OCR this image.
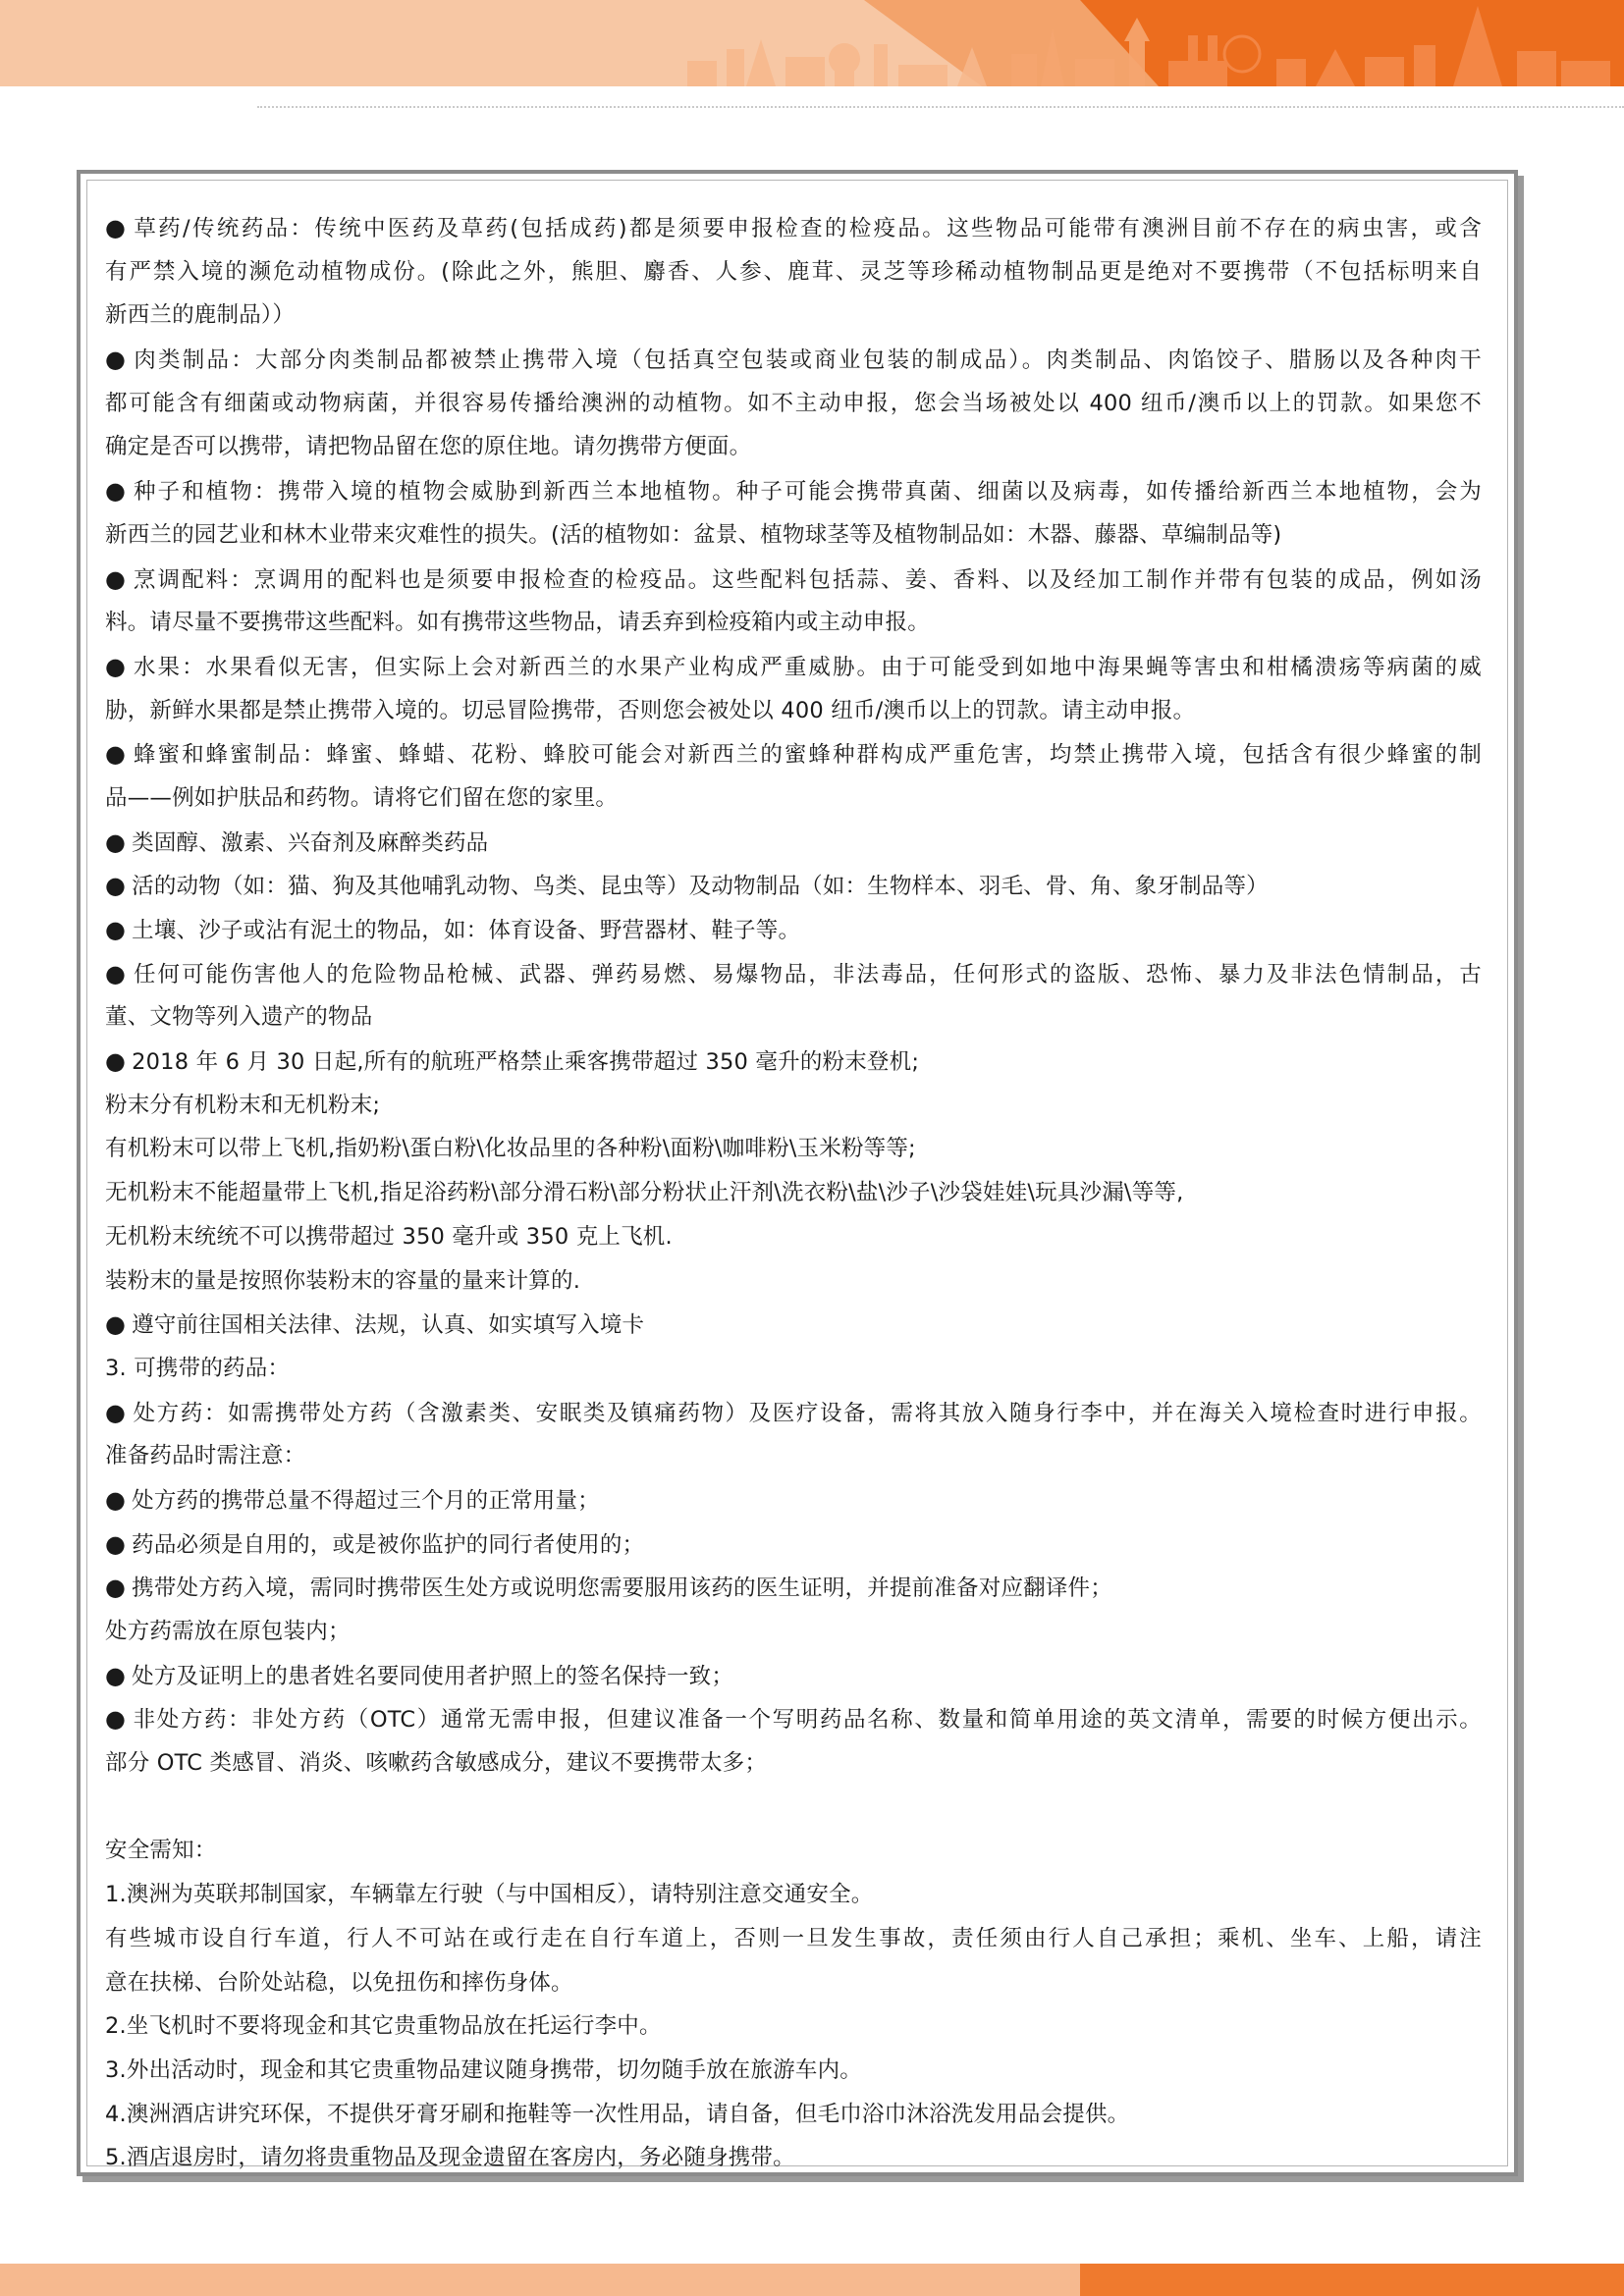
● 草药/传统药品：传统中医药及草药(包括成药)都是须要申报检查的检疫品。这些物品可能带有澳洲目前不存在的病虫害，或含
有严禁入境的濒危动植物成份。(除此之外，熊胆、麝香、人参、鹿茸、灵芝等珍稀动植物制品更是绝对不要携带（不包括标明来自
新西兰的鹿制品））
● 肉类制品：大部分肉类制品都被禁止携带入境（包括真空包装或商业包装的制成品）。肉类制品、肉馅饺子、腊肠以及各种肉干
都可能含有细菌或动物病菌，并很容易传播给澳洲的动植物。如不主动申报，您会当场被处以 400 纽币/澳币以上的罚款。如果您不
确定是否可以携带，请把物品留在您的原住地。请勿携带方便面。
● 种子和植物：携带入境的植物会威胁到新西兰本地植物。种子可能会携带真菌、细菌以及病毒，如传播给新西兰本地植物，会为
新西兰的园艺业和林木业带来灾难性的损失。(活的植物如：盆景、植物球茎等及植物制品如：木器、藤器、草编制品等)
● 烹调配料：烹调用的配料也是须要申报检查的检疫品。这些配料包括蒜、姜、香料、以及经加工制作并带有包装的成品，例如汤
料。请尽量不要携带这些配料。如有携带这些物品，请丢弃到检疫箱内或主动申报。
● 水果：水果看似无害，但实际上会对新西兰的水果产业构成严重威胁。由于可能受到如地中海果蝇等害虫和柑橘溃疡等病菌的威
胁，新鲜水果都是禁止携带入境的。切忌冒险携带，否则您会被处以 400 纽币/澳币以上的罚款。请主动申报。
● 蜂蜜和蜂蜜制品：蜂蜜、蜂蜡、花粉、蜂胶可能会对新西兰的蜜蜂种群构成严重危害，均禁止携带入境，包括含有很少蜂蜜的制
品——例如护肤品和药物。请将它们留在您的家里。
● 类固醇、激素、兴奋剂及麻醉类药品
● 活的动物（如：猫、狗及其他哺乳动物、鸟类、昆虫等）及动物制品（如：生物样本、羽毛、骨、角、象牙制品等）
● 土壤、沙子或沾有泥土的物品，如：体育设备、野营器材、鞋子等。
● 任何可能伤害他人的危险物品枪械、武器、弹药易燃、易爆物品，非法毒品，任何形式的盗版、恐怖、暴力及非法色情制品，古
董、文物等列入遗产的物品
● 2018 年 6 月 30 日起,所有的航班严格禁止乘客携带超过 350 毫升的粉末登机;
粉末分有机粉末和无机粉末;
有机粉末可以带上飞机,指奶粉\蛋白粉\化妆品里的各种粉\面粉\咖啡粉\玉米粉等等;
无机粉末不能超量带上飞机,指足浴药粉\部分滑石粉\部分粉状止汗剂\洗衣粉\盐\沙子\沙袋娃娃\玩具沙漏\等等,
无机粉末统统不可以携带超过 350 毫升或 350 克上飞机.
装粉末的量是按照你装粉末的容量的量来计算的.
● 遵守前往国相关法律、法规，认真、如实填写入境卡
3. 可携带的药品：
● 处方药：如需携带处方药（含激素类、安眠类及镇痛药物）及医疗设备，需将其放入随身行李中，并在海关入境检查时进行申报。
准备药品时需注意：
● 处方药的携带总量不得超过三个月的正常用量；
● 药品必须是自用的，或是被你监护的同行者使用的；
● 携带处方药入境，需同时携带医生处方或说明您需要服用该药的医生证明，并提前准备对应翻译件；
处方药需放在原包装内；
● 处方及证明上的患者姓名要同使用者护照上的签名保持一致；
● 非处方药：非处方药（OTC）通常无需申报，但建议准备一个写明药品名称、数量和简单用途的英文清单，需要的时候方便出示。
部分 OTC 类感冒、消炎、咳嗽药含敏感成分，建议不要携带太多；
安全需知：
1.澳洲为英联邦制国家，车辆靠左行驶（与中国相反），请特别注意交通安全。
有些城市设自行车道，行人不可站在或行走在自行车道上，否则一旦发生事故，责任须由行人自己承担；乘机、坐车、上船，请注
意在扶梯、台阶处站稳，以免扭伤和摔伤身体。
2.坐飞机时不要将现金和其它贵重物品放在托运行李中。
3.外出活动时，现金和其它贵重物品建议随身携带，切勿随手放在旅游车内。
4.澳洲酒店讲究环保，不提供牙膏牙刷和拖鞋等一次性用品，请自备，但毛巾浴巾沐浴洗发用品会提供。
5.酒店退房时，请勿将贵重物品及现金遗留在客房内，务必随身携带。
